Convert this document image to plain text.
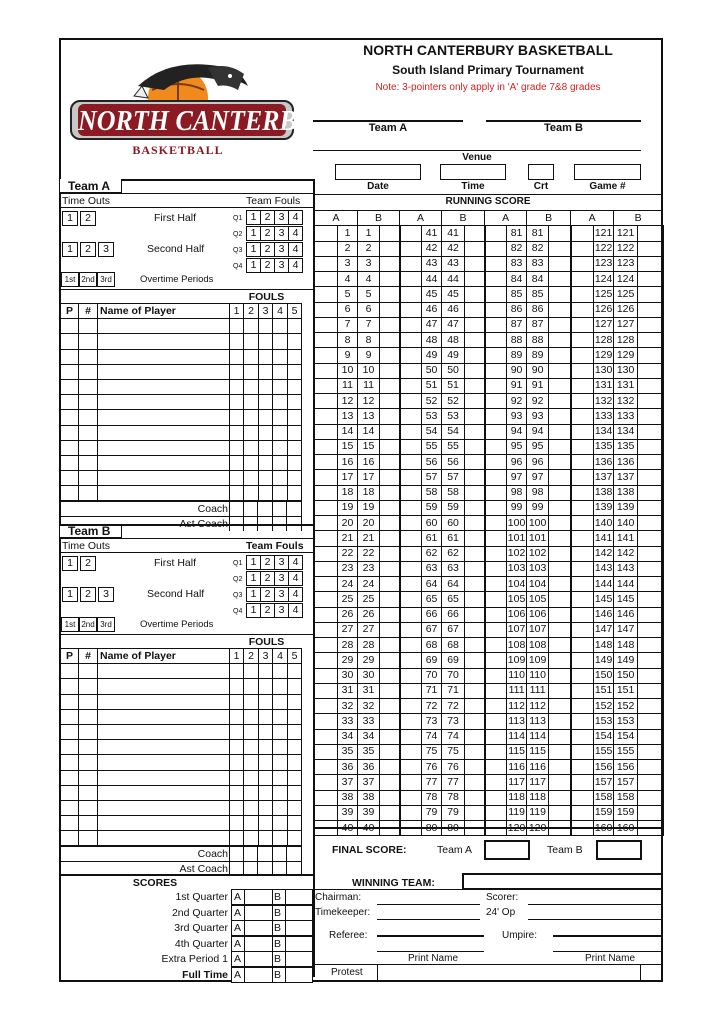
NORTH CANTERBURY
BASKETBALL
NORTH CANTERBURY BASKETBALL
South Island Primary Tournament
Note: 3-pointers only apply in 'A' grade 7&8 grades
Team A	Team B
Venue
Date	Time	Crt	Game #
RUNNING SCORE
A		B		A		B		A		B		A		B	
	1	1			41	41			81	81			121	121	
	2	2			42	42			82	82			122	122	
	3	3			43	43			83	83			123	123	
	4	4			44	44			84	84			124	124	
	5	5			45	45			85	85			125	125	
	6	6			46	46			86	86			126	126	
	7	7			47	47			87	87			127	127	
	8	8			48	48			88	88			128	128	
	9	9			49	49			89	89			129	129	
	10	10			50	50			90	90			130	130	
	11	11			51	51			91	91			131	131	
	12	12			52	52			92	92			132	132	
	13	13			53	53			93	93			133	133	
	14	14			54	54			94	94			134	134	
	15	15			55	55			95	95			135	135	
	16	16			56	56			96	96			136	136	
	17	17			57	57			97	97			137	137	
	18	18			58	58			98	98			138	138	
	19	19			59	59			99	99			139	139	
	20	20			60	60			100	100			140	140	
	21	21			61	61			101	101			141	141	
	22	22			62	62			102	102			142	142	
	23	23			63	63			103	103			143	143	
	24	24			64	64			104	104			144	144	
	25	25			65	65			105	105			145	145	
	26	26			66	66			106	106			146	146	
	27	27			67	67			107	107			147	147	
	28	28			68	68			108	108			148	148	
	29	29			69	69			109	109			149	149	
	30	30			70	70			110	110			150	150	
	31	31			71	71			111	111			151	151	
	32	32			72	72			112	112			152	152	
	33	33			73	73			113	113			153	153	
	34	34			74	74			114	114			154	154	
	35	35			75	75			115	115			155	155	
	36	36			76	76			116	116			156	156	
	37	37			77	77			117	117			157	157	
	38	38			78	78			118	118			158	158	
	39	39			79	79			119	119			159	159	
	40	40			80	80			120	120			160	160	
Team A
Time Outs	Team Fouls
1	2
1	2	3
First Half
Second Half
Q1 1 2 3 4
Q2 1 2 3 4
Q3 1 2 3 4
Q4 1 2 3 4
1st 2nd 3rd	Overtime Periods
FOULS
P	#	Name of Player	1	2	3	4	5

Coach
Ast Coach
Team B
Time Outs	Team Fouls
1	2
1	2	3
First Half
Second Half
Q1 1 2 3 4
Q2 1 2 3 4
Q3 1 2 3 4
Q4 1 2 3 4
1st 2nd 3rd	Overtime Periods
FOULS
P	#	Name of Player	1	2	3	4	5

Coach
Ast Coach
SCORES
1st Quarter A	B
2nd Quarter A	B
3rd Quarter A	B
4th Quarter A	B
Extra Period 1 A	B
Full Time A	B
FINAL SCORE:	Team A	Team B
WINNING TEAM:
Chairman:	Scorer:
Timekeeper:	24' Op
Referee:	Umpire:
Print Name	Print Name
Protest
